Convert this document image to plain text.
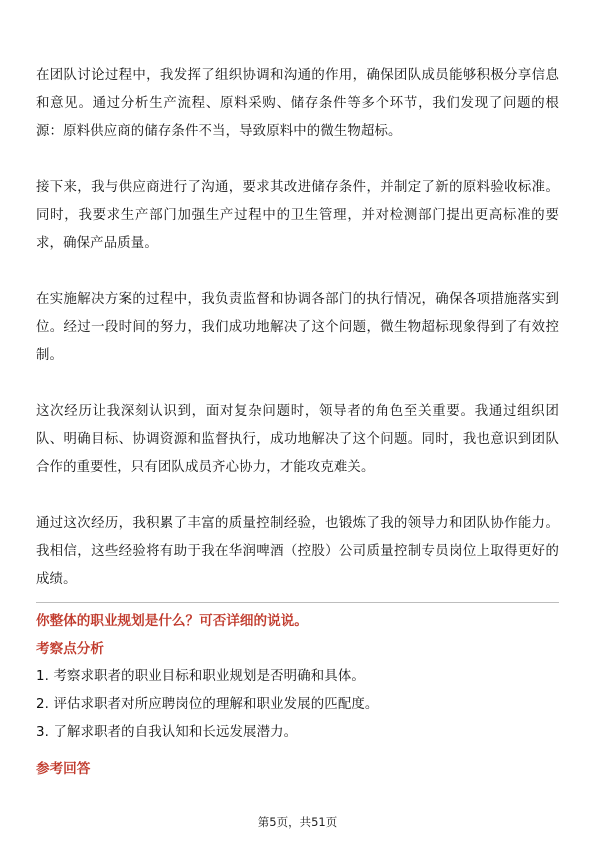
在团队讨论过程中，我发挥了组织协调和沟通的作用，确保团队成员能够积极分享信息和意见。通过分析生产流程、原料采购、储存条件等多个环节，我们发现了问题的根源：原料供应商的储存条件不当，导致原料中的微生物超标。

接下来，我与供应商进行了沟通，要求其改进储存条件，并制定了新的原料验收标准。同时，我要求生产部门加强生产过程中的卫生管理，并对检测部门提出更高标准的要求，确保产品质量。

在实施解决方案的过程中，我负责监督和协调各部门的执行情况，确保各项措施落实到位。经过一段时间的努力，我们成功地解决了这个问题，微生物超标现象得到了有效控制。

这次经历让我深刻认识到，面对复杂问题时，领导者的角色至关重要。我通过组织团队、明确目标、协调资源和监督执行，成功地解决了这个问题。同时，我也意识到团队合作的重要性，只有团队成员齐心协力，才能攻克难关。

通过这次经历，我积累了丰富的质量控制经验，也锻炼了我的领导力和团队协作能力。我相信，这些经验将有助于我在华润啤酒（控股）公司质量控制专员岗位上取得更好的成绩。

你整体的职业规划是什么？可否详细的说说。

考察点分析

1. 考察求职者的职业目标和职业规划是否明确和具体。
2. 评估求职者对所应聘岗位的理解和职业发展的匹配度。
3. 了解求职者的自我认知和长远发展潜力。

参考回答

第5页，共51页
